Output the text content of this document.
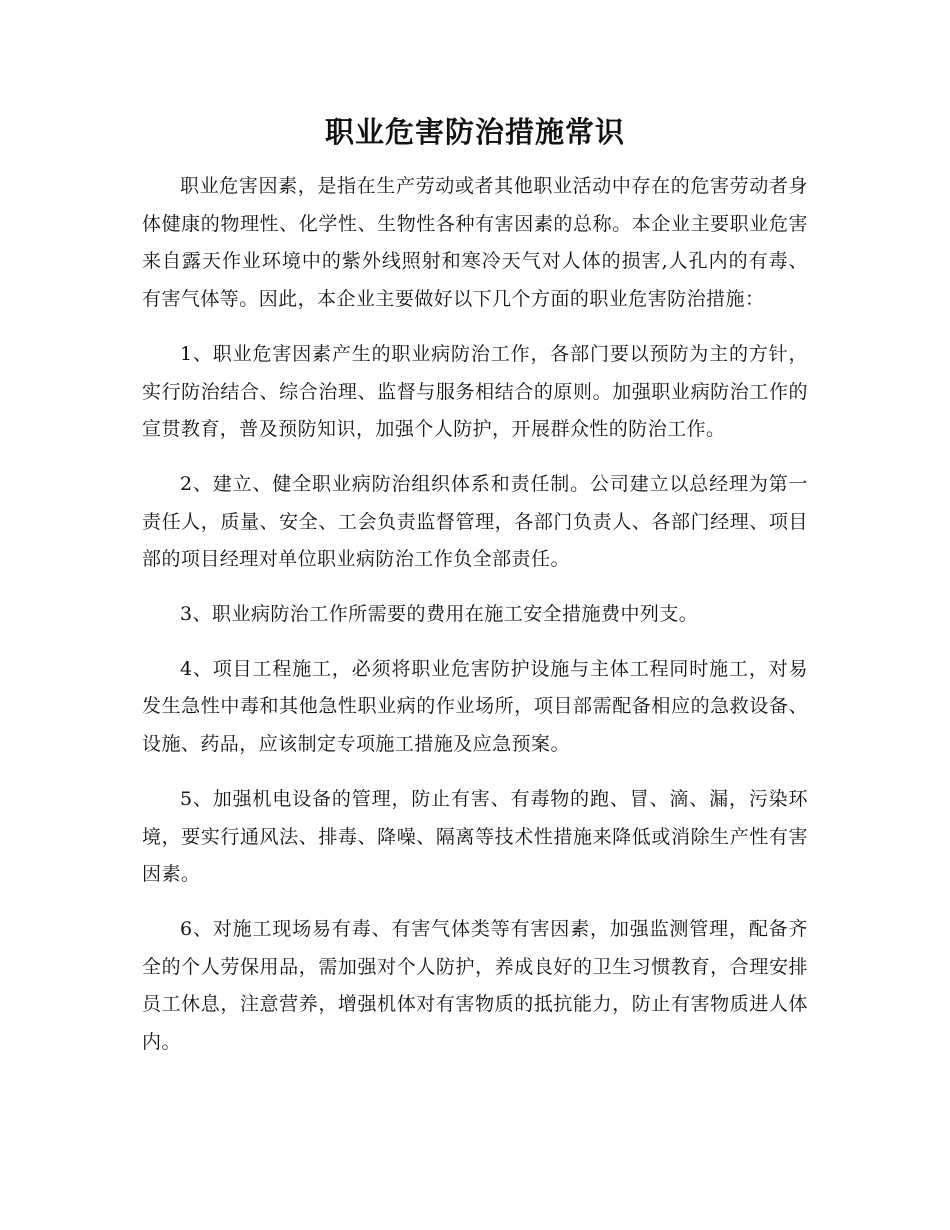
职业危害防治措施常识

职业危害因素，是指在生产劳动或者其他职业活动中存在的危害劳动者身体健康的物理性、化学性、生物性各种有害因素的总称。本企业主要职业危害来自露天作业环境中的紫外线照射和寒冷天气对人体的损害,人孔内的有毒、有害气体等。因此，本企业主要做好以下几个方面的职业危害防治措施：

1、职业危害因素产生的职业病防治工作，各部门要以预防为主的方针，实行防治结合、综合治理、监督与服务相结合的原则。加强职业病防治工作的宣贯教育，普及预防知识，加强个人防护，开展群众性的防治工作。

2、建立、健全职业病防治组织体系和责任制。公司建立以总经理为第一责任人，质量、安全、工会负责监督管理，各部门负责人、各部门经理、项目部的项目经理对单位职业病防治工作负全部责任。

3、职业病防治工作所需要的费用在施工安全措施费中列支。

4、项目工程施工，必须将职业危害防护设施与主体工程同时施工，对易发生急性中毒和其他急性职业病的作业场所，项目部需配备相应的急救设备、设施、药品，应该制定专项施工措施及应急预案。

5、加强机电设备的管理，防止有害、有毒物的跑、冒、滴、漏，污染环境，要实行通风法、排毒、降噪、隔离等技术性措施来降低或消除生产性有害因素。

6、对施工现场易有毒、有害气体类等有害因素，加强监测管理，配备齐全的个人劳保用品，需加强对个人防护，养成良好的卫生习惯教育，合理安排员工休息，注意营养，增强机体对有害物质的抵抗能力，防止有害物质进人体内。
